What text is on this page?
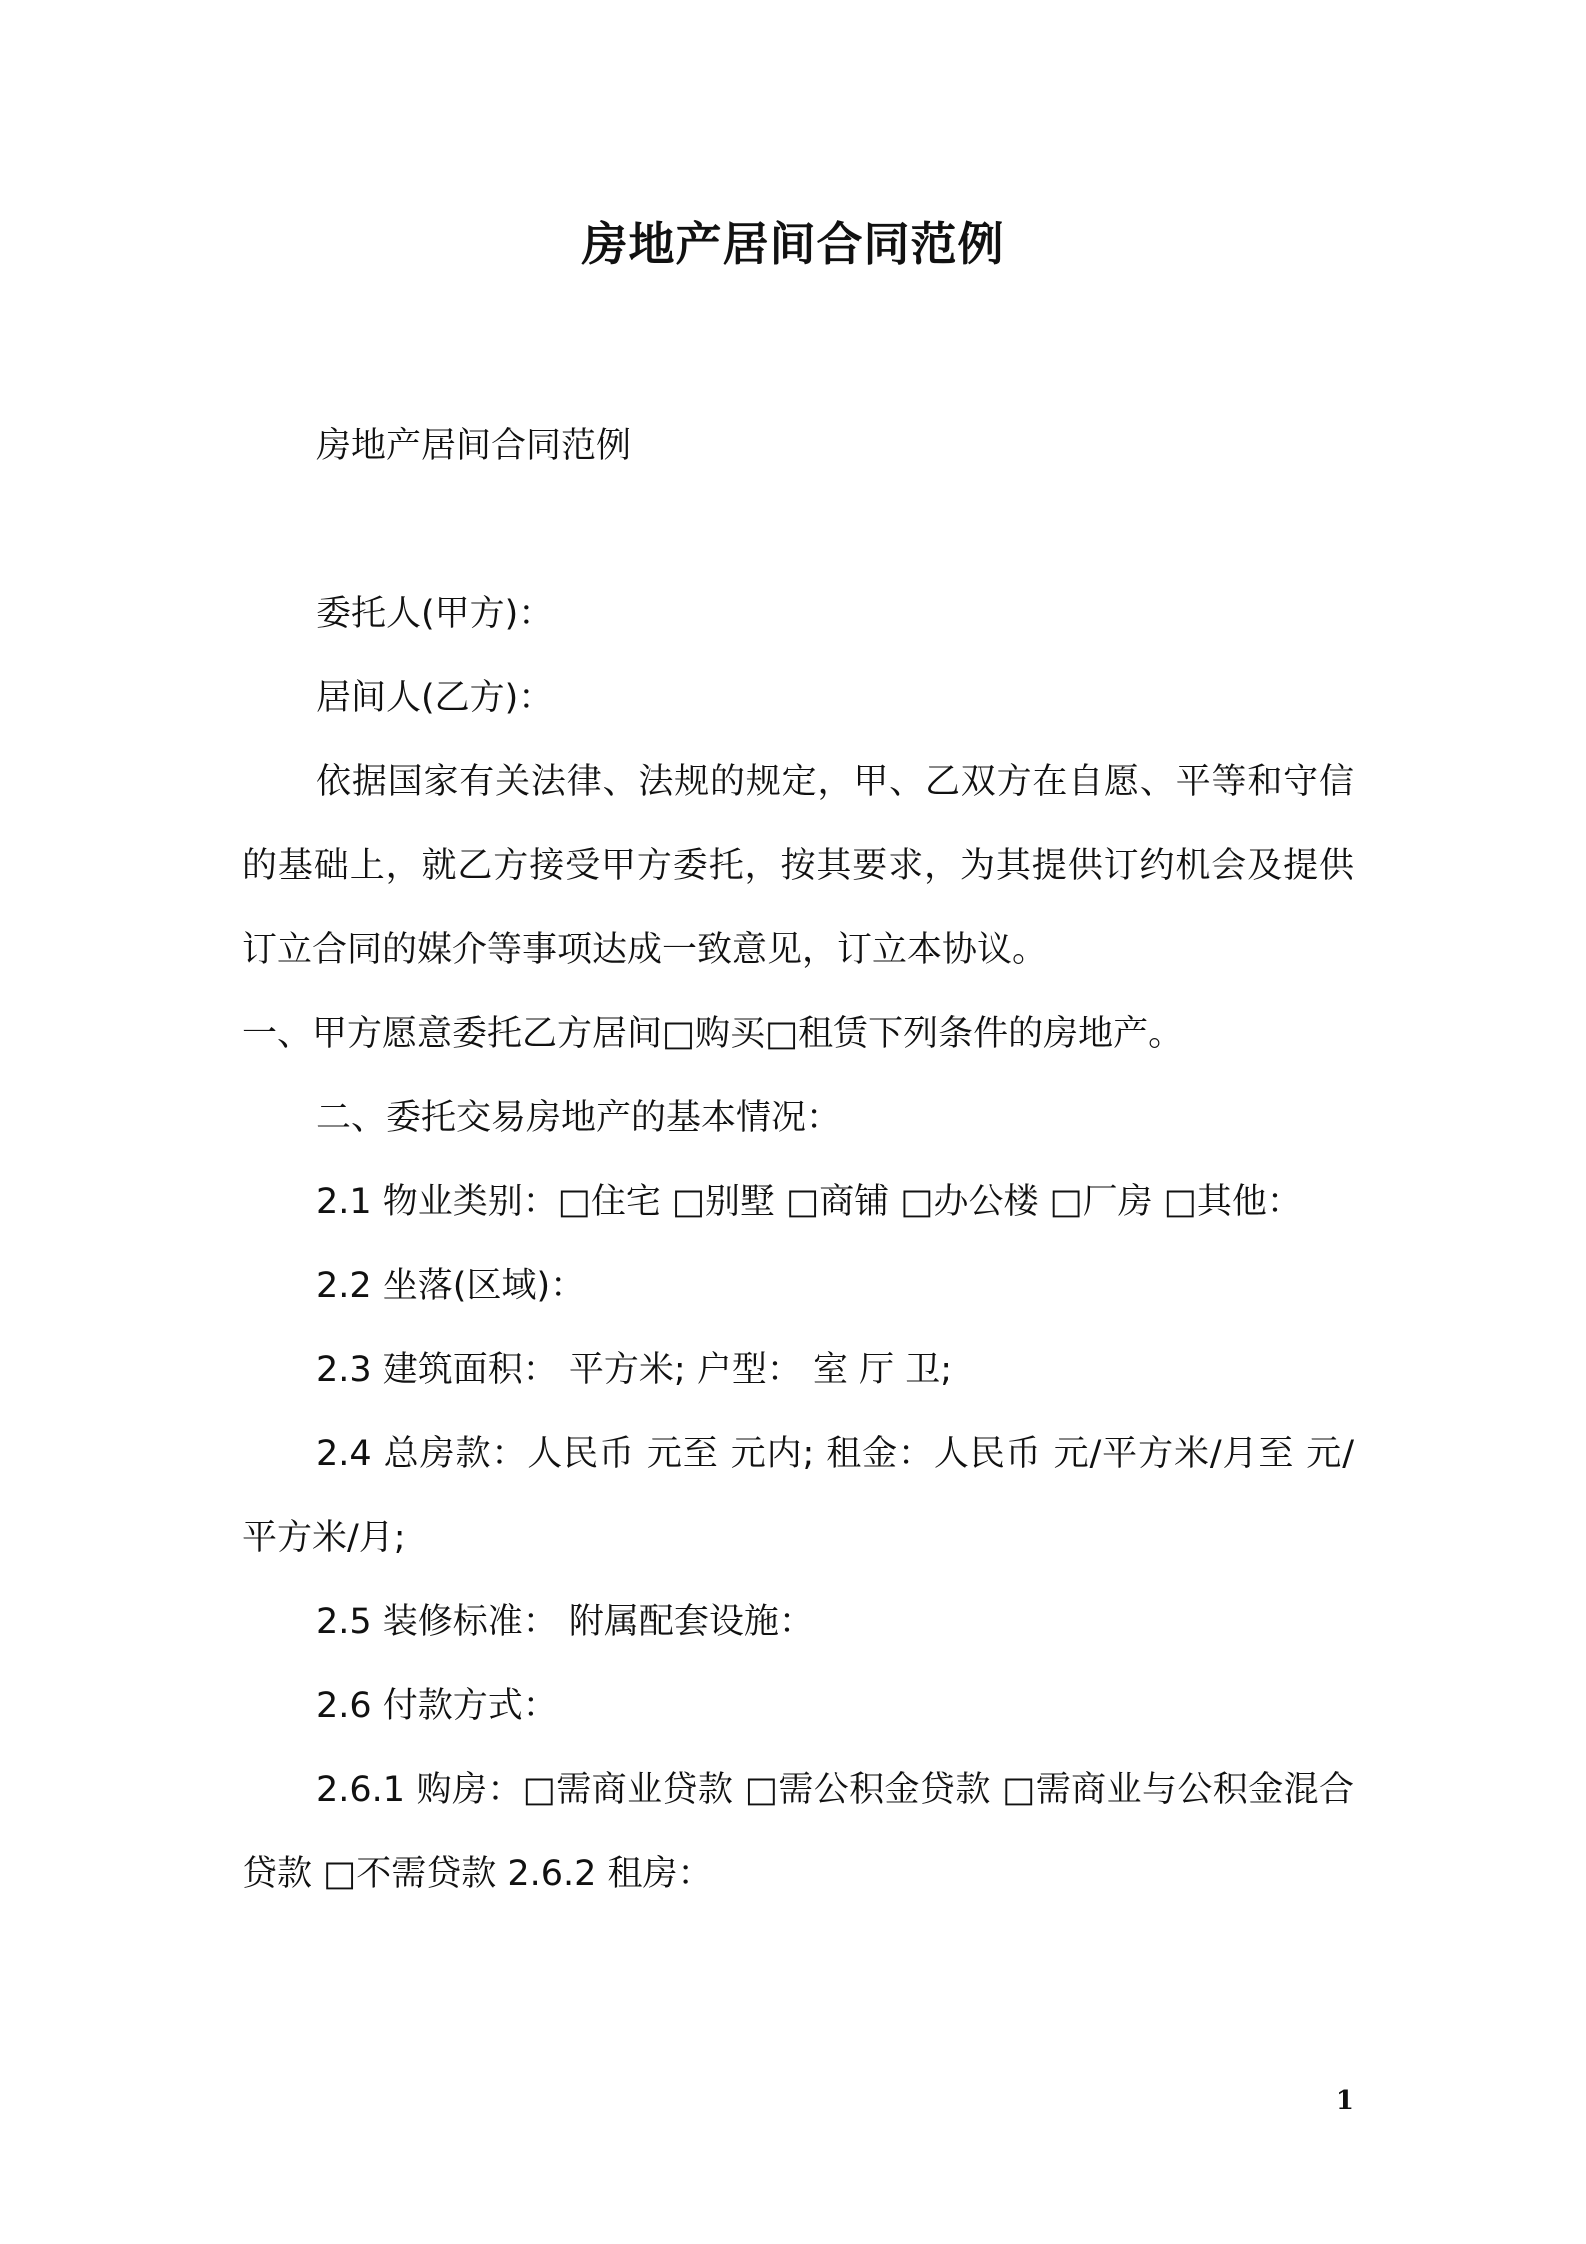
房地产居间合同范例

房地产居间合同范例

委托人(甲方)：

居间人(乙方)：

依据国家有关法律、法规的规定，甲、乙双方在自愿、平等和守信的基础上，就乙方接受甲方委托，按其要求，为其提供订约机会及提供订立合同的媒介等事项达成一致意见，订立本协议。

一、甲方愿意委托乙方居间□购买□租赁下列条件的房地产。

二、委托交易房地产的基本情况：

2.1 物业类别：□住宅 □别墅 □商铺 □办公楼 □厂房 □其他：

2.2 坐落(区域)：

2.3 建筑面积： 平方米; 户型： 室 厅 卫;

2.4 总房款：人民币 元至 元内; 租金：人民币 元/平方米/月至 元/平方米/月;

2.5 装修标准： 附属配套设施：

2.6 付款方式：

2.6.1 购房：□需商业贷款 □需公积金贷款 □需商业与公积金混合贷款 □不需贷款 2.6.2 租房：

1
